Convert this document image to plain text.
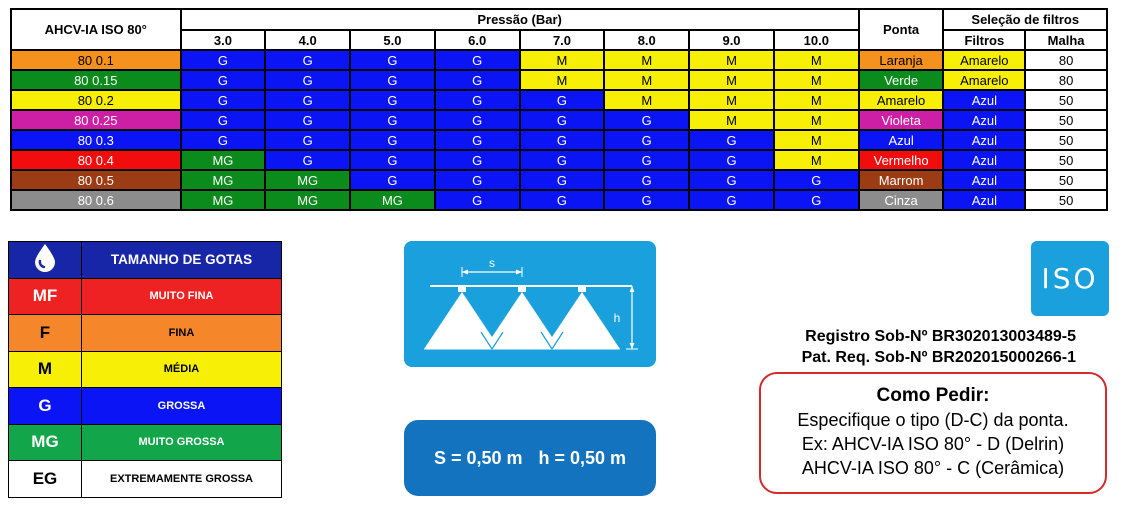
AHCV-IA ISO 80°	Pressão (Bar)								Ponta	Seleção de filtros	
	3.0	4.0	5.0	6.0	7.0	8.0	9.0	10.0		Filtros	Malha
80 0.1	G	G	G	G	M	M	M	M	Laranja	Amarelo	80
80 0.15	G	G	G	G	M	M	M	M	Verde	Amarelo	80
80 0.2	G	G	G	G	G	M	M	M	Amarelo	Azul	50
80 0.25	G	G	G	G	G	G	M	M	Violeta	Azul	50
80 0.3	G	G	G	G	G	G	G	M	Azul	Azul	50
80 0.4	MG	G	G	G	G	G	G	M	Vermelho	Azul	50
80 0.5	MG	MG	G	G	G	G	G	G	Marrom	Azul	50
80 0.6	MG	MG	MG	G	G	G	G	G	Cinza	Azul	50
	TAMANHO DE GOTAS
MF	MUITO FINA
F	FINA
M	MÉDIA
G	GROSSA
MG	MUITO GROSSA
EG	EXTREMAMENTE GROSSA
s
h
S = 0,50 m h = 0,50 m
ISO
Registro Sob-Nº BR302013003489-5
Pat. Req. Sob-Nº BR202015000266-1
Como Pedir:
Especifique o tipo (D-C) da ponta.
Ex: AHCV-IA ISO 80° - D (Delrin)
AHCV-IA ISO 80° - C (Cerâmica)
